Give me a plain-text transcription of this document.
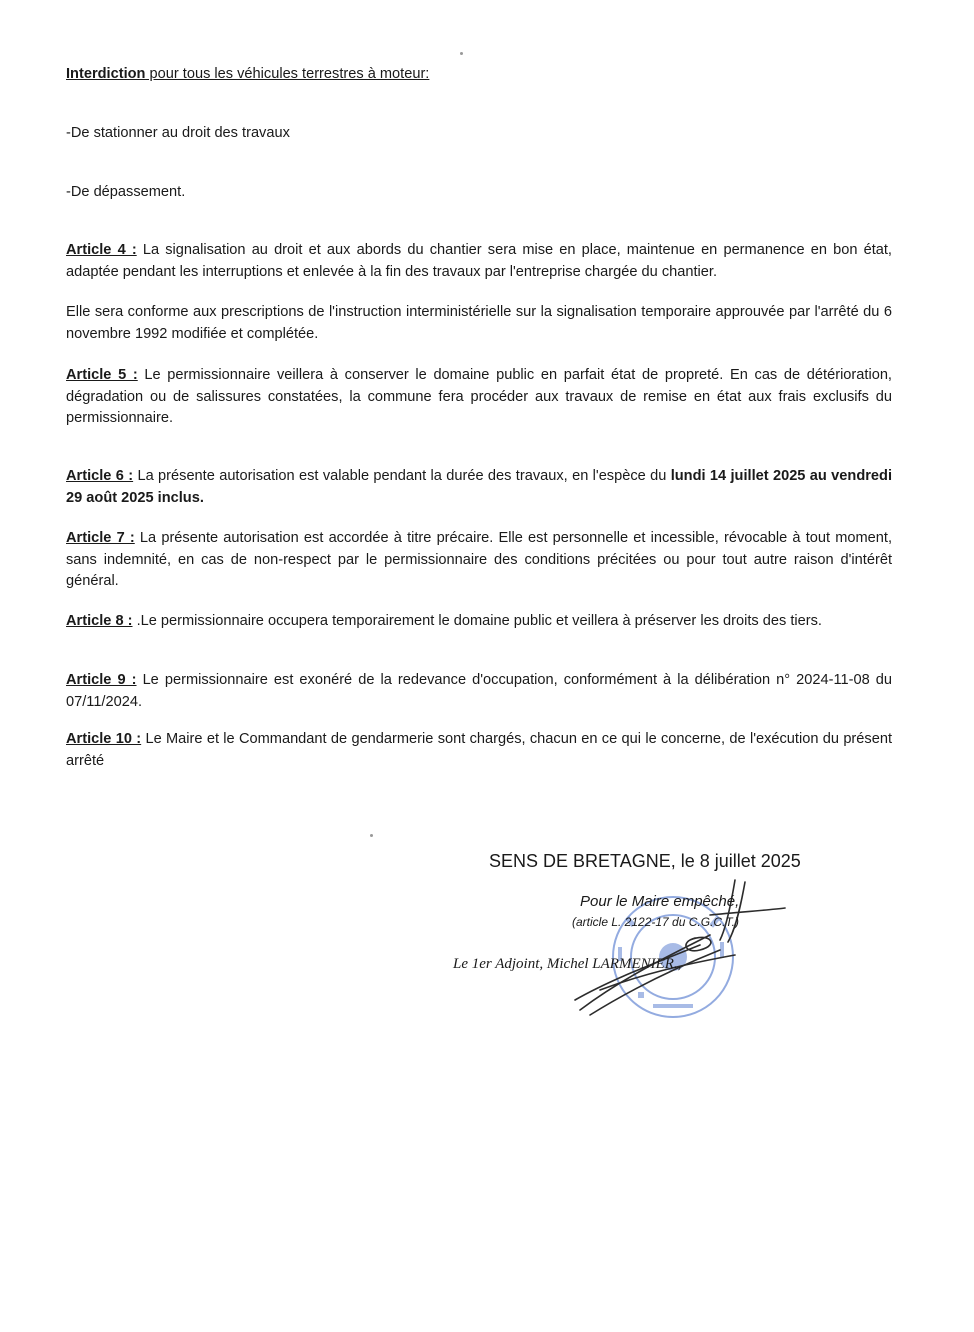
Interdiction pour tous les véhicules terrestres à moteur:

-De stationner au droit des travaux

-De dépassement.

Article 4 : La signalisation au droit et aux abords du chantier sera mise en place, maintenue en permanence en bon état, adaptée pendant les interruptions et enlevée à la fin des travaux par l'entreprise chargée du chantier.

Elle sera conforme aux prescriptions de l'instruction interministérielle sur la signalisation temporaire approuvée par l'arrêté du 6 novembre 1992 modifiée et complétée.

Article 5 : Le permissionnaire veillera à conserver le domaine public en parfait état de propreté. En cas de détérioration, dégradation ou de salissures constatées, la commune fera procéder aux travaux de remise en état aux frais exclusifs du permissionnaire.

Article 6 : La présente autorisation est valable pendant la durée des travaux, en l'espèce du lundi 14 juillet 2025 au vendredi 29 août 2025 inclus.

Article 7 : La présente autorisation est accordée à titre précaire. Elle est personnelle et incessible, révocable à tout moment, sans indemnité, en cas de non-respect par le permissionnaire des conditions précitées ou pour tout autre raison d'intérêt général.

Article 8 : .Le permissionnaire occupera temporairement le domaine public et veillera à préserver les droits des tiers.

Article 9 : Le permissionnaire est exonéré de la redevance d'occupation, conformément à la délibération n° 2024-11-08 du 07/11/2024.

Article 10 : Le Maire et le Commandant de gendarmerie sont chargés, chacun en ce qui le concerne, de l'exécution du présent arrêté

SENS DE BRETAGNE, le 8 juillet 2025
Pour le Maire empêché,
(article L. 2122-17 du C.G.C.T.)
Le 1er Adjoint, Michel LARMENIER.,
